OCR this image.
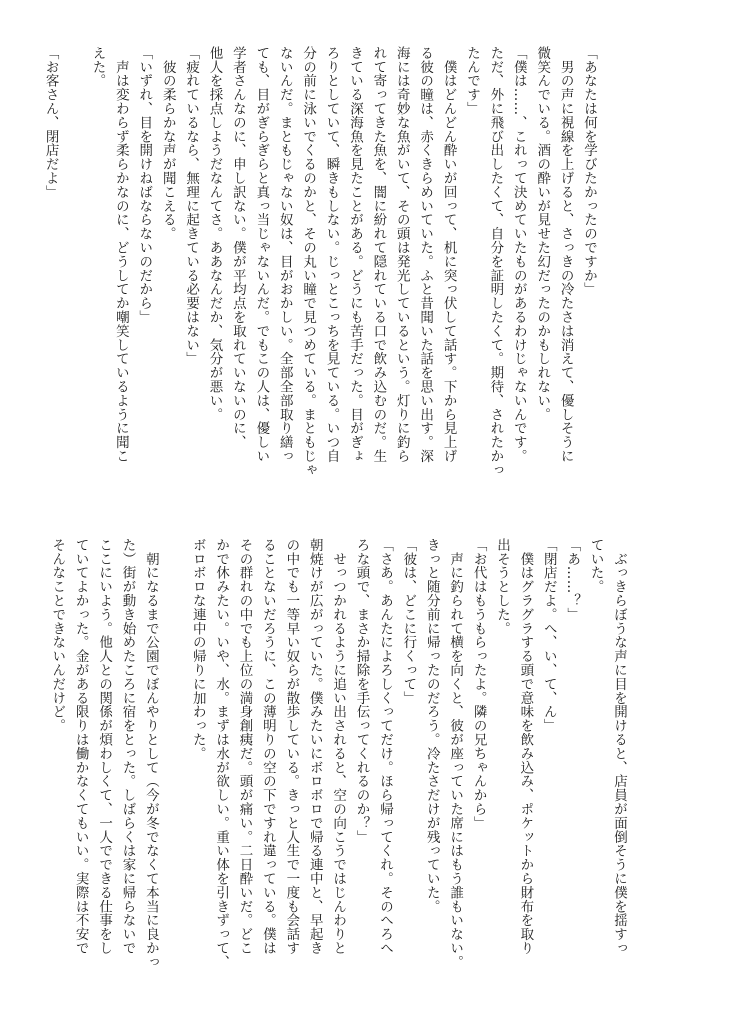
「あなたは何を学びたかったのですか」
　男の声に視線を上げると、さっきの冷たさは消えて、優しそうに
微笑んでいる。酒の酔いが見せた幻だったのかもしれない。
「僕は……、これって決めていたものがあるわけじゃないんです。
ただ、外に飛び出したくて、自分を証明したくて。期待、されたかっ
たんです」
　僕はどんどん酔いが回って、机に突っ伏して話す。下から見上げ
る彼の瞳は、赤くきらめいていた。ふと昔聞いた話を思い出す。深
海には奇妙な魚がいて、その頭は発光しているという。灯りに釣ら
れて寄ってきた魚を、闇に紛れて隠れている口で飲み込むのだ。生
きている深海魚を見たことがある。どうにも苦手だった。目がぎょ
ろりとしていて、瞬きもしない。じっとこっちを見ている。いつ自
分の前に泳いでくるのかと、その丸い瞳で見つめている。まともじゃ
ないんだ。まともじゃない奴は、目がおかしい。全部全部取り繕っ
ても、目がぎらぎらと真っ当じゃないんだ。でもこの人は、優しい
学者さんなのに、申し訳ない。僕が平均点を取れていないのに、
他人を採点しようだなんてさ。ああなんだか、気分が悪い。
「疲れているなら、無理に起きている必要はない」
　彼の柔らかな声が聞こえる。
「いずれ、目を開けねばならないのだから」
　声は変わらず柔らかなのに、どうしてか嘲笑しているように聞こ
えた。
「お客さん、閉店だよ」
　ぶっきらぼうな声に目を開けると、店員が面倒そうに僕を揺すっ
ていた。
「あ……？」
「閉店だよ。へ、い、て、ん」
　僕はグラグラする頭で意味を飲み込み、ポケットから財布を取り
出そうとした。
「お代はもうもらったよ。隣の兄ちゃんから」
　声に釣られて横を向くと、彼が座っていた席にはもう誰もいない。
きっと随分前に帰ったのだろう。冷たさだけが残っていた。
「彼は、どこに行くって」
「さあ。あんたによろしくってだけ。ほら帰ってくれ。そのへろへ
ろな頭で、まさか掃除を手伝ってくれるのか？」
　せっつかれるように追い出されると、空の向こうではじんわりと
朝焼けが広がっていた。僕みたいにボロボロで帰る連中と、早起き
の中でも一等早い奴らが散歩している。きっと人生で一度も会話す
ることないだろうに、この薄明りの空の下ですれ違っている。僕は
その群れの中でも上位の満身創痍だ。頭が痛い。二日酔いだ。どこ
かで休みたい。いや、水。まずは水が欲しい。重い体を引きずって、
ボロボロな連中の帰りに加わった。
　朝になるまで公園でぼんやりとして（今が冬でなくて本当に良かっ
た）街が動き始めたころに宿をとった。しばらくは家に帰らないで
ここにいよう。他人との関係が煩わしくて、一人でできる仕事をし
ていてよかった。金がある限りは働かなくてもいい。実際は不安で
そんなことできないんだけど。
